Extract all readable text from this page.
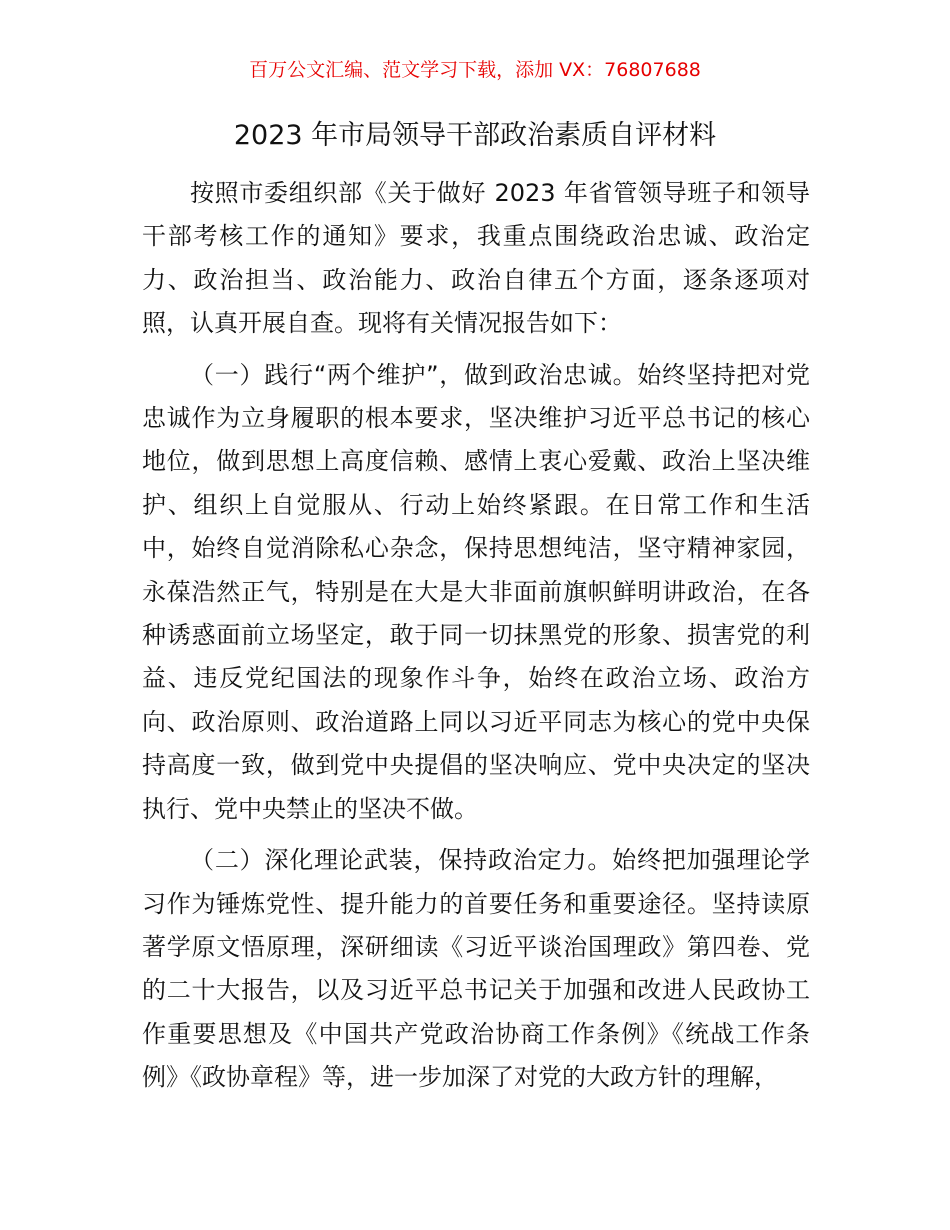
百万公文汇编、范文学习下载，添加 VX：76807688
2023 年市局领导干部政治素质自评材料

按照市委组织部《关于做好 2023 年省管领导班子和领导干部考核工作的通知》要求，我重点围绕政治忠诚、政治定力、政治担当、政治能力、政治自律五个方面，逐条逐项对照，认真开展自查。现将有关情况报告如下：

（一）践行“两个维护”，做到政治忠诚。始终坚持把对党忠诚作为立身履职的根本要求，坚决维护习近平总书记的核心地位，做到思想上高度信赖、感情上衷心爱戴、政治上坚决维护、组织上自觉服从、行动上始终紧跟。在日常工作和生活中，始终自觉消除私心杂念，保持思想纯洁，坚守精神家园，永葆浩然正气，特别是在大是大非面前旗帜鲜明讲政治，在各种诱惑面前立场坚定，敢于同一切抹黑党的形象、损害党的利益、违反党纪国法的现象作斗争，始终在政治立场、政治方向、政治原则、政治道路上同以习近平同志为核心的党中央保持高度一致，做到党中央提倡的坚决响应、党中央决定的坚决执行、党中央禁止的坚决不做。

（二）深化理论武装，保持政治定力。始终把加强理论学习作为锤炼党性、提升能力的首要任务和重要途径。坚持读原著学原文悟原理，深研细读《习近平谈治国理政》第四卷、党的二十大报告，以及习近平总书记关于加强和改进人民政协工作重要思想及《中国共产党政治协商工作条例》《统战工作条例》《政协章程》等，进一步加深了对党的大政方针的理解，
